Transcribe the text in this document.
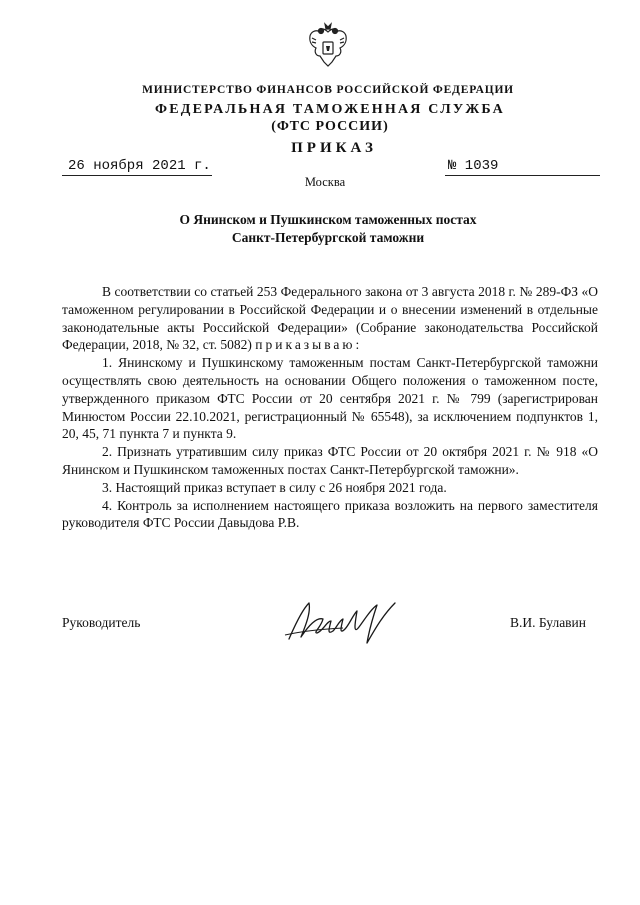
МИНИСТЕРСТВО ФИНАНСОВ РОССИЙСКОЙ ФЕДЕРАЦИИ
ФЕДЕРАЛЬНАЯ ТАМОЖЕННАЯ СЛУЖБА
(ФТС РОССИИ)
ПРИКАЗ
26 ноября 2021 г.	№ 1039
Москва
О Янинском и Пушкинском таможенных постах
Санкт-Петербургской таможни

В соответствии со статьей 253 Федерального закона от 3 августа 2018 г. № 289-ФЗ «О таможенном регулировании в Российской Федерации и о внесении изменений в отдельные законодательные акты Российской Федерации» (Собрание законодательства Российской Федерации, 2018, № 32, ст. 5082) приказываю:

1. Янинскому и Пушкинскому таможенным постам Санкт-Петербургской таможни осуществлять свою деятельность на основании Общего положения о таможенном посте, утвержденного приказом ФТС России от 20 сентября 2021 г. № 799 (зарегистрирован Минюстом России 22.10.2021, регистрационный № 65548), за исключением подпунктов 1, 20, 45, 71 пункта 7 и пункта 9.

2. Признать утратившим силу приказ ФТС России от 20 октября 2021 г. № 918 «О Янинском и Пушкинском таможенных постах Санкт-Петербургской таможни».

3. Настоящий приказ вступает в силу с 26 ноября 2021 года.

4. Контроль за исполнением настоящего приказа возложить на первого заместителя руководителя ФТС России Давыдова Р.В.

Руководитель	В.И. Булавин
